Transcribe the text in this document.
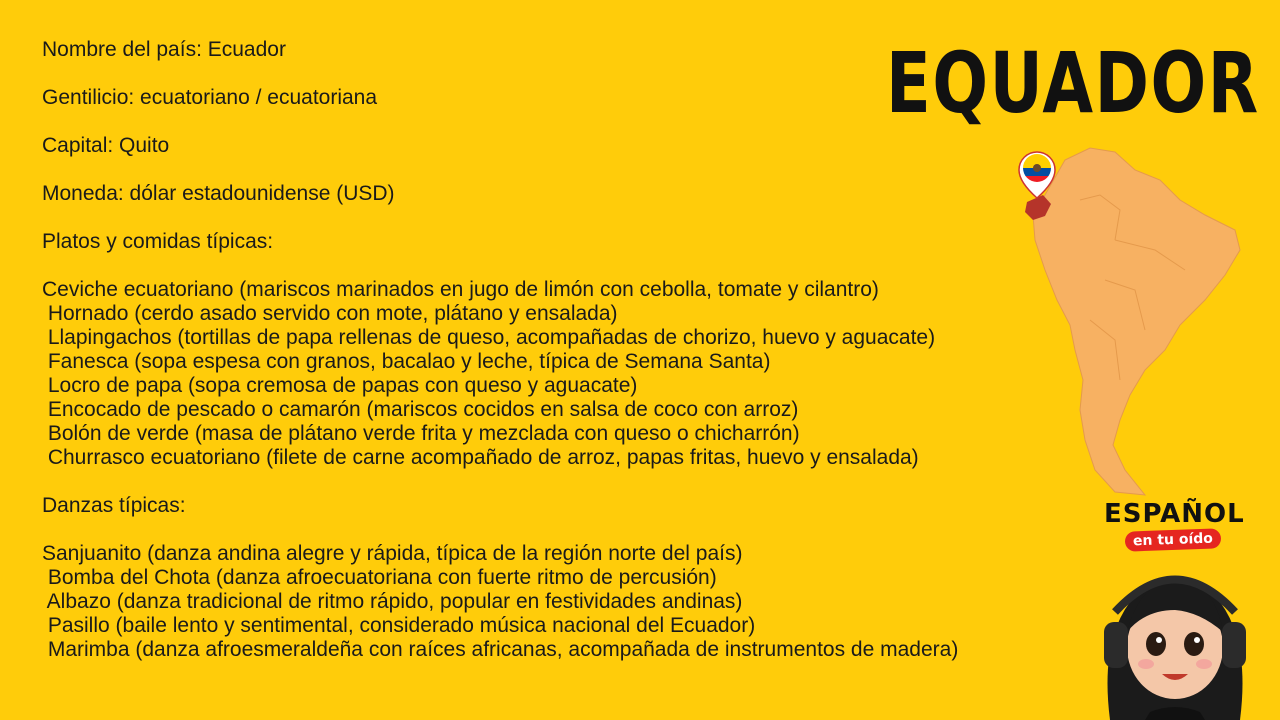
Nombre del país: Ecuador
Gentilicio: ecuatoriano / ecuatoriana
Capital: Quito
Moneda: dólar estadounidense (USD)
Platos y comidas típicas:
Ceviche ecuatoriano (mariscos marinados en jugo de limón con cebolla, tomate y cilantro)
Hornado (cerdo asado servido con mote, plátano y ensalada)
Llapingachos (tortillas de papa rellenas de queso, acompañadas de chorizo, huevo y aguacate)
Fanesca (sopa espesa con granos, bacalao y leche, típica de Semana Santa)
Locro de papa (sopa cremosa de papas con queso y aguacate)
Encocado de pescado o camarón (mariscos cocidos en salsa de coco con arroz)
Bolón de verde (masa de plátano verde frita y mezclada con queso o chicharrón)
Churrasco ecuatoriano (filete de carne acompañado de arroz, papas fritas, huevo y ensalada)
Danzas típicas:
Sanjuanito (danza andina alegre y rápida, típica de la región norte del país)
Bomba del Chota (danza afroecuatoriana con fuerte ritmo de percusión)
Albazo (danza tradicional de ritmo rápido, popular en festividades andinas)
Pasillo (baile lento y sentimental, considerado música nacional del Ecuador)
Marimba (danza afroesmeraldeña con raíces africanas, acompañada de instrumentos de madera)
EQUADOR
ESPAÑOL
en tu oído
